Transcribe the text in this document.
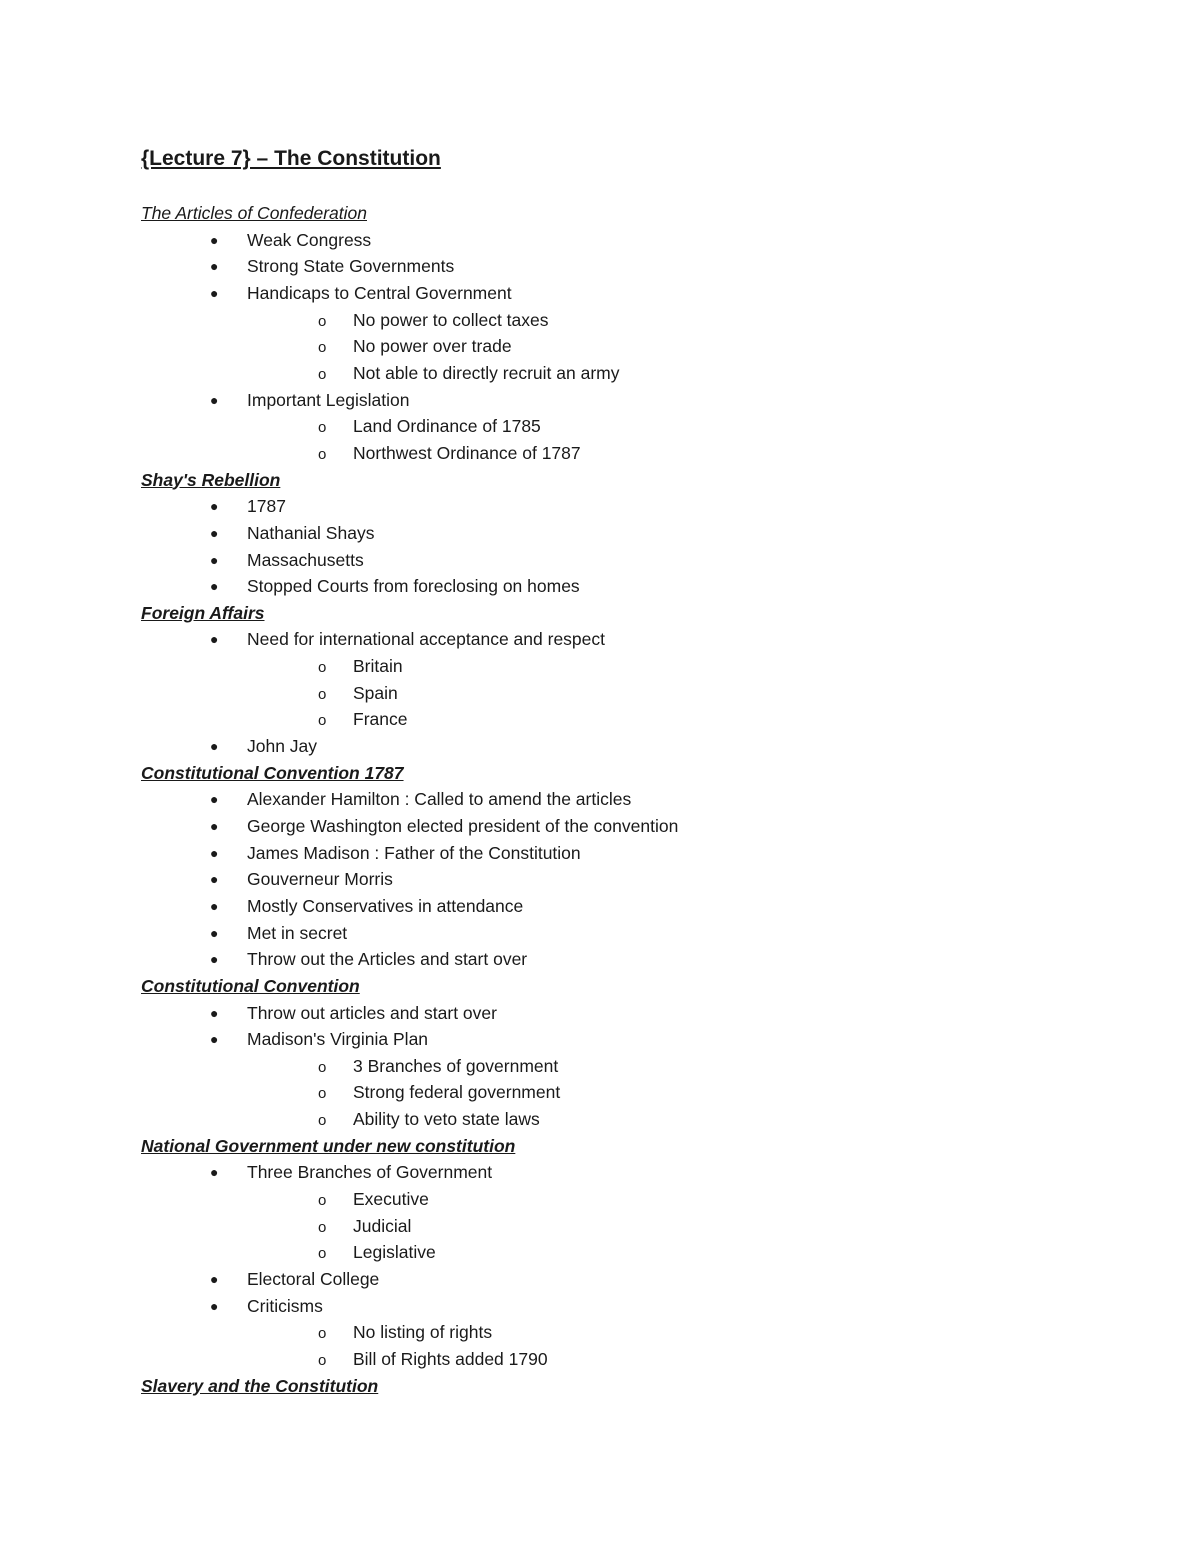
{Lecture 7} – The Constitution
The Articles of Confederation
● Weak Congress
● Strong State Governments
● Handicaps to Central Government
o No power to collect taxes
o No power over trade
o Not able to directly recruit an army
● Important Legislation
o Land Ordinance of 1785
o Northwest Ordinance of 1787
Shay's Rebellion
● 1787
● Nathanial Shays
● Massachusetts
● Stopped Courts from foreclosing on homes
Foreign Affairs
● Need for international acceptance and respect
o Britain
o Spain
o France
● John Jay
Constitutional Convention 1787
● Alexander Hamilton : Called to amend the articles
● George Washington elected president of the convention
● James Madison : Father of the Constitution
● Gouverneur Morris
● Mostly Conservatives in attendance
● Met in secret
● Throw out the Articles and start over
Constitutional Convention
● Throw out articles and start over
● Madison's Virginia Plan
o 3 Branches of government
o Strong federal government
o Ability to veto state laws
National Government under new constitution
● Three Branches of Government
o Executive
o Judicial
o Legislative
● Electoral College
● Criticisms
o No listing of rights
o Bill of Rights added 1790
Slavery and the Constitution
